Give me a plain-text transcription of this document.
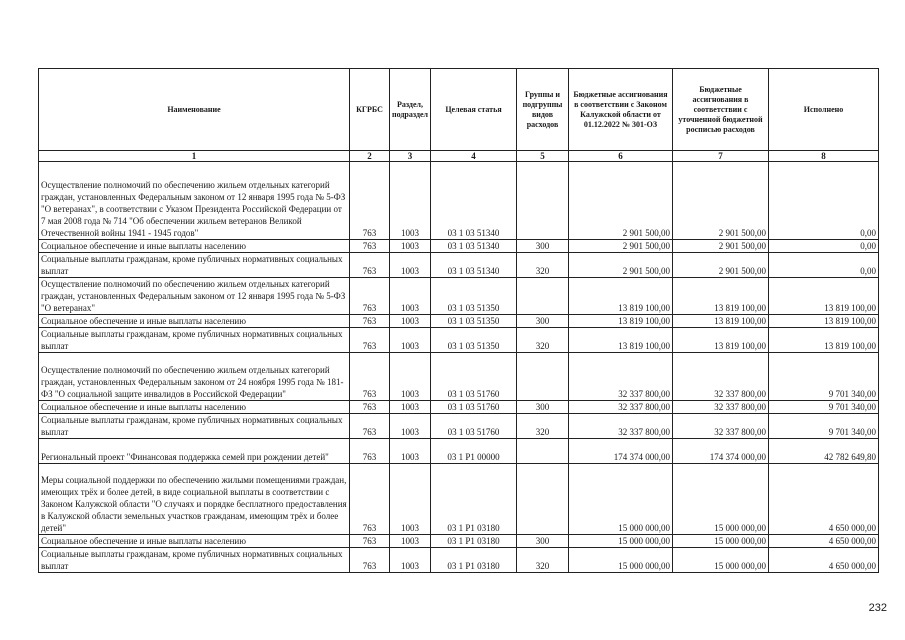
Наименование	КГРБС	Раздел, подраздел	Целевая статья	Группы и подгруппы видов расходов	Бюджетные ассигнования в соответствии с Законом Калужской области от 01.12.2022 № 301-ОЗ	Бюджетные ассигнования в соответствии с уточненной бюджетной росписью расходов	Исполнено
1	2	3	4	5	6	7	8
Осуществление полномочий по обеспечению жильем отдельных категорий граждан, установленных Федеральным законом от 12 января 1995 года № 5-ФЗ "О ветеранах", в соответствии с Указом Президента Российской Федерации от 7 мая 2008 года № 714 "Об обеспечении жильем ветеранов Великой Отечественной войны 1941 - 1945 годов"	763	1003	03 1 03 51340		2 901 500,00	2 901 500,00	0,00
Социальное обеспечение и иные выплаты населению	763	1003	03 1 03 51340	300	2 901 500,00	2 901 500,00	0,00
Социальные выплаты гражданам, кроме публичных нормативных социальных выплат	763	1003	03 1 03 51340	320	2 901 500,00	2 901 500,00	0,00
Осуществление полномочий по обеспечению жильем отдельных категорий граждан, установленных Федеральным законом от 12 января 1995 года № 5-ФЗ "О ветеранах"	763	1003	03 1 03 51350		13 819 100,00	13 819 100,00	13 819 100,00
Социальное обеспечение и иные выплаты населению	763	1003	03 1 03 51350	300	13 819 100,00	13 819 100,00	13 819 100,00
Социальные выплаты гражданам, кроме публичных нормативных социальных выплат	763	1003	03 1 03 51350	320	13 819 100,00	13 819 100,00	13 819 100,00
Осуществление полномочий по обеспечению жильем отдельных категорий граждан, установленных Федеральным законом от 24 ноября 1995 года № 181-ФЗ "О социальной защите инвалидов в Российской Федерации"	763	1003	03 1 03 51760		32 337 800,00	32 337 800,00	9 701 340,00
Социальное обеспечение и иные выплаты населению	763	1003	03 1 03 51760	300	32 337 800,00	32 337 800,00	9 701 340,00
Социальные выплаты гражданам, кроме публичных нормативных социальных выплат	763	1003	03 1 03 51760	320	32 337 800,00	32 337 800,00	9 701 340,00
Региональный проект "Финансовая поддержка семей при рождении детей"	763	1003	03 1 P1 00000		174 374 000,00	174 374 000,00	42 782 649,80
Меры социальной поддержки по обеспечению жилыми помещениями граждан, имеющих трёх и более детей, в виде социальной выплаты в соответствии с Законом Калужской области "О случаях и порядке бесплатного предоставления в Калужской области земельных участков гражданам, имеющим трёх и более детей"	763	1003	03 1 P1 03180		15 000 000,00	15 000 000,00	4 650 000,00
Социальное обеспечение и иные выплаты населению	763	1003	03 1 P1 03180	300	15 000 000,00	15 000 000,00	4 650 000,00
Социальные выплаты гражданам, кроме публичных нормативных социальных выплат	763	1003	03 1 P1 03180	320	15 000 000,00	15 000 000,00	4 650 000,00
232
